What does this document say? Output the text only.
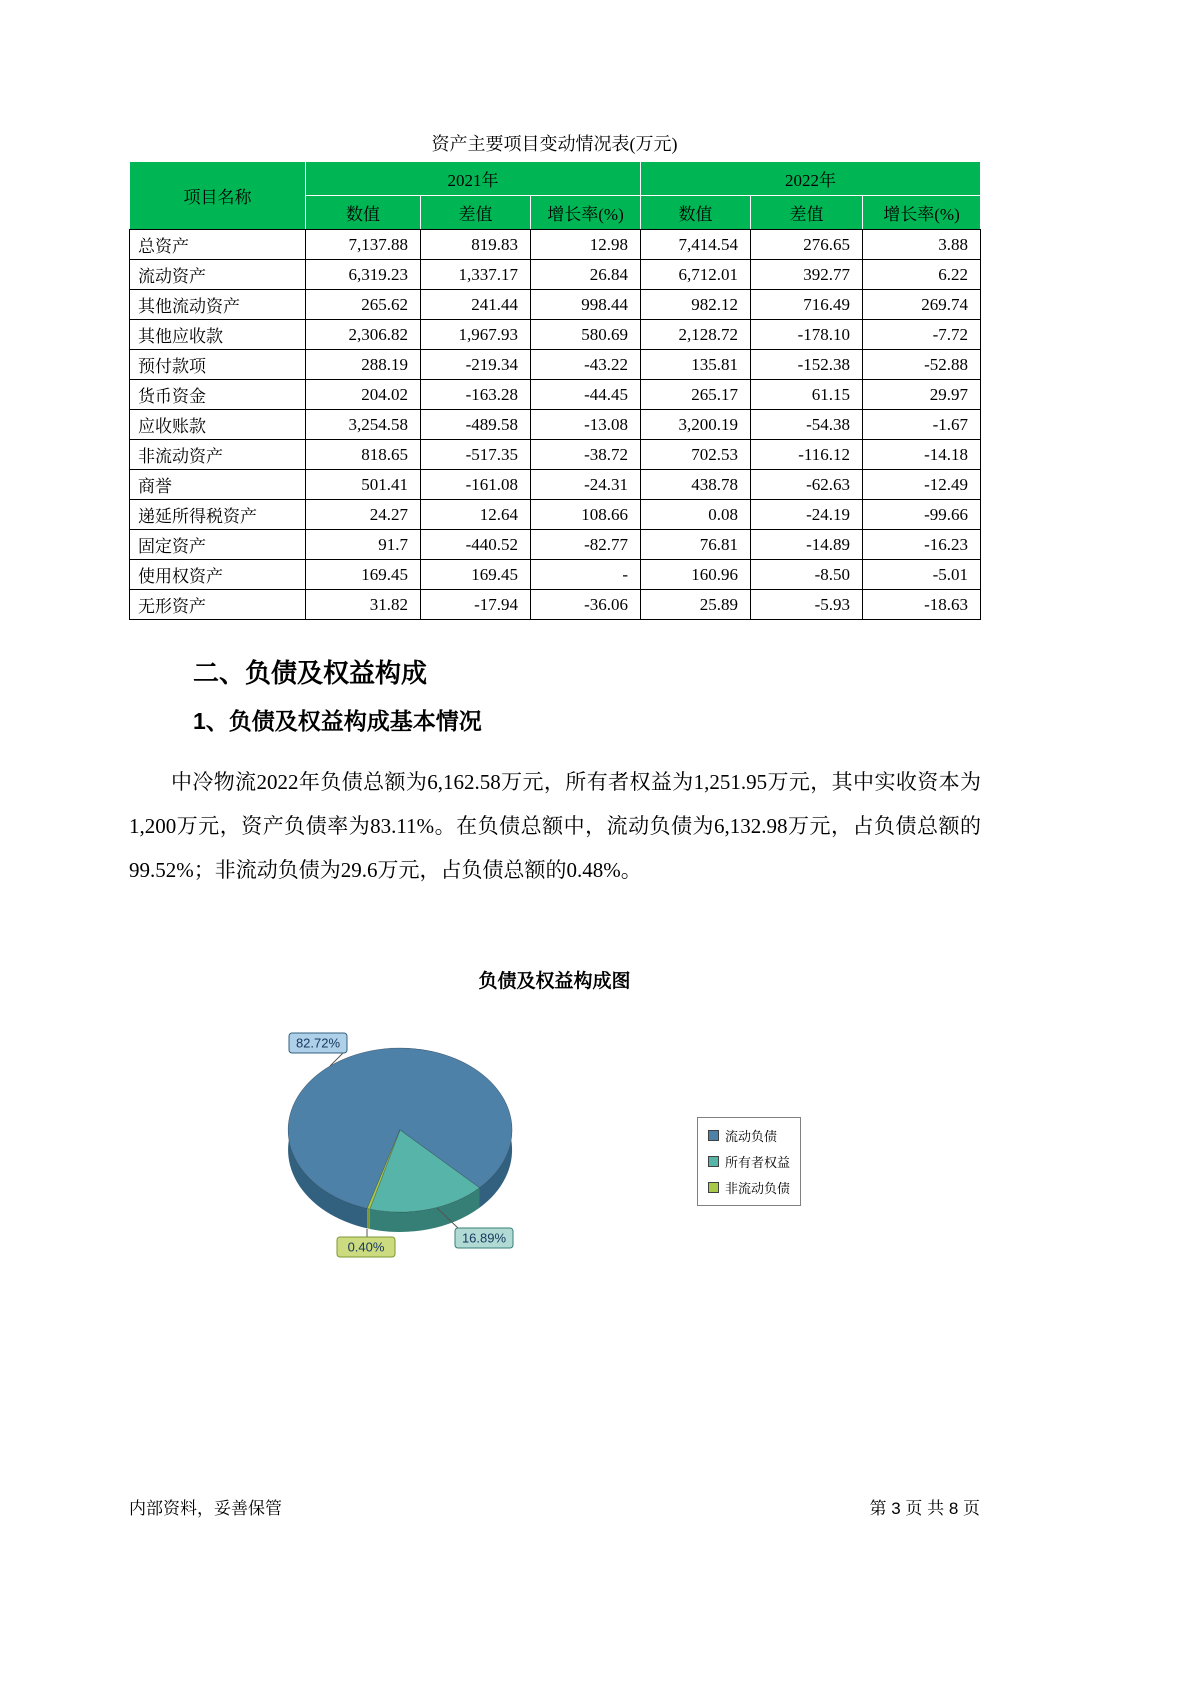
资产主要项目变动情况表(万元)
项目名称	2021年			2022年		
	数值	差值	增长率(%)	数值	差值	增长率(%)
总资产	7,137.88	819.83	12.98	7,414.54	276.65	3.88
流动资产	6,319.23	1,337.17	26.84	6,712.01	392.77	6.22
其他流动资产	265.62	241.44	998.44	982.12	716.49	269.74
其他应收款	2,306.82	1,967.93	580.69	2,128.72	-178.10	-7.72
预付款项	288.19	-219.34	-43.22	135.81	-152.38	-52.88
货币资金	204.02	-163.28	-44.45	265.17	61.15	29.97
应收账款	3,254.58	-489.58	-13.08	3,200.19	-54.38	-1.67
非流动资产	818.65	-517.35	-38.72	702.53	-116.12	-14.18
商誉	501.41	-161.08	-24.31	438.78	-62.63	-12.49
递延所得税资产	24.27	12.64	108.66	0.08	-24.19	-99.66
固定资产	91.7	-440.52	-82.77	76.81	-14.89	-16.23
使用权资产	169.45	169.45	-	160.96	-8.50	-5.01
无形资产	31.82	-17.94	-36.06	25.89	-5.93	-18.63
二、负债及权益构成
1、负债及权益构成基本情况

中冷物流2022年负债总额为6,162.58万元，所有者权益为1,251.95万元，其中实收资本为1,200万元，资产负债率为83.11%。在负债总额中，流动负债为6,132.98万元，占负债总额的99.52%；非流动负债为29.6万元，占负债总额的0.48%。

负债及权益构成图
82.72%
16.89%
0.40%
流动负债
所有者权益
非流动负债
内部资料，妥善保管	第 3 页 共 8 页
